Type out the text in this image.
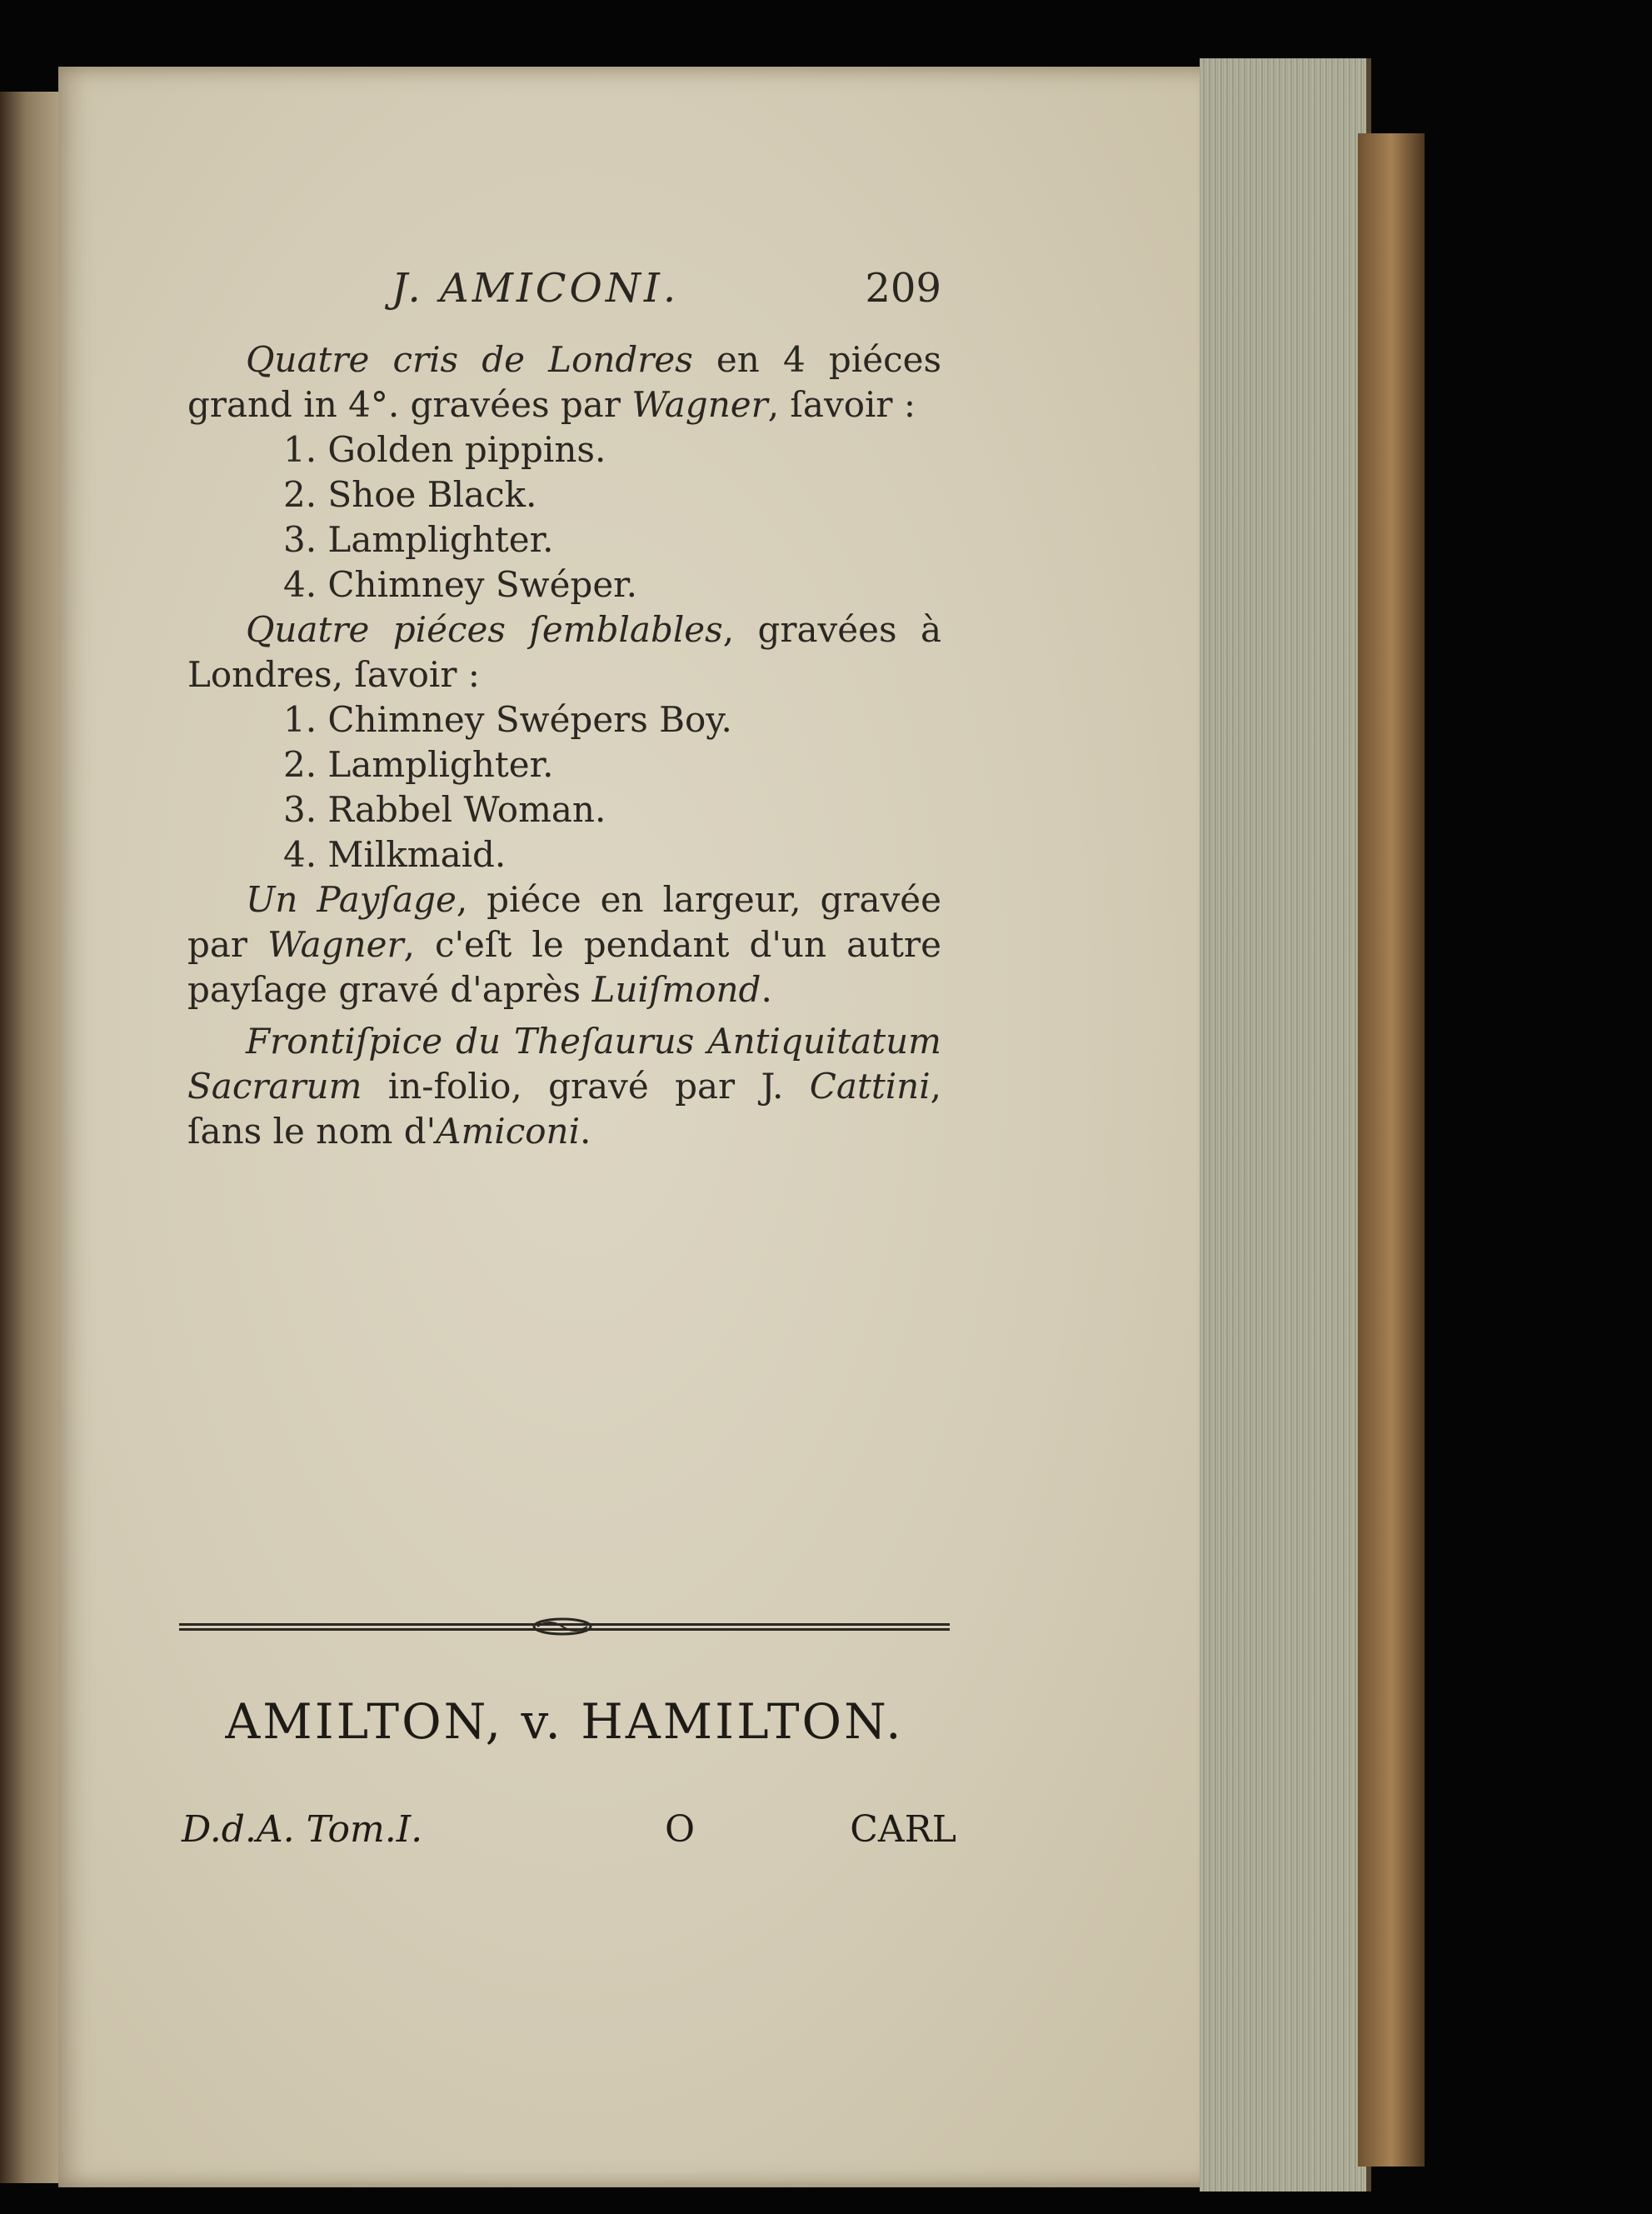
J. AMICONI.	209

Quatre cris de Londres en 4 piéces grand in 4°. gravées par Wagner, ſavoir :

1. Golden pippins.
2. Shoe Black.
3. Lamplighter.
4. Chimney Swéper.

Quatre piéces ſemblables, gravées à Londres, ſavoir :

1. Chimney Swépers Boy.
2. Lamplighter.
3. Rabbel Woman.
4. Milkmaid.

Un Payſage, piéce en largeur, gravée par Wagner, c'eſt le pendant d'un autre payſage gravé d'après Luiſmond.

Frontiſpice du Theſaurus Antiquitatum Sacrarum in-folio, gravé par J. Cattini, ſans le nom d'Amiconi.

AMILTON, v. HAMILTON.
D.d.A. Tom.I.	O	CARL
